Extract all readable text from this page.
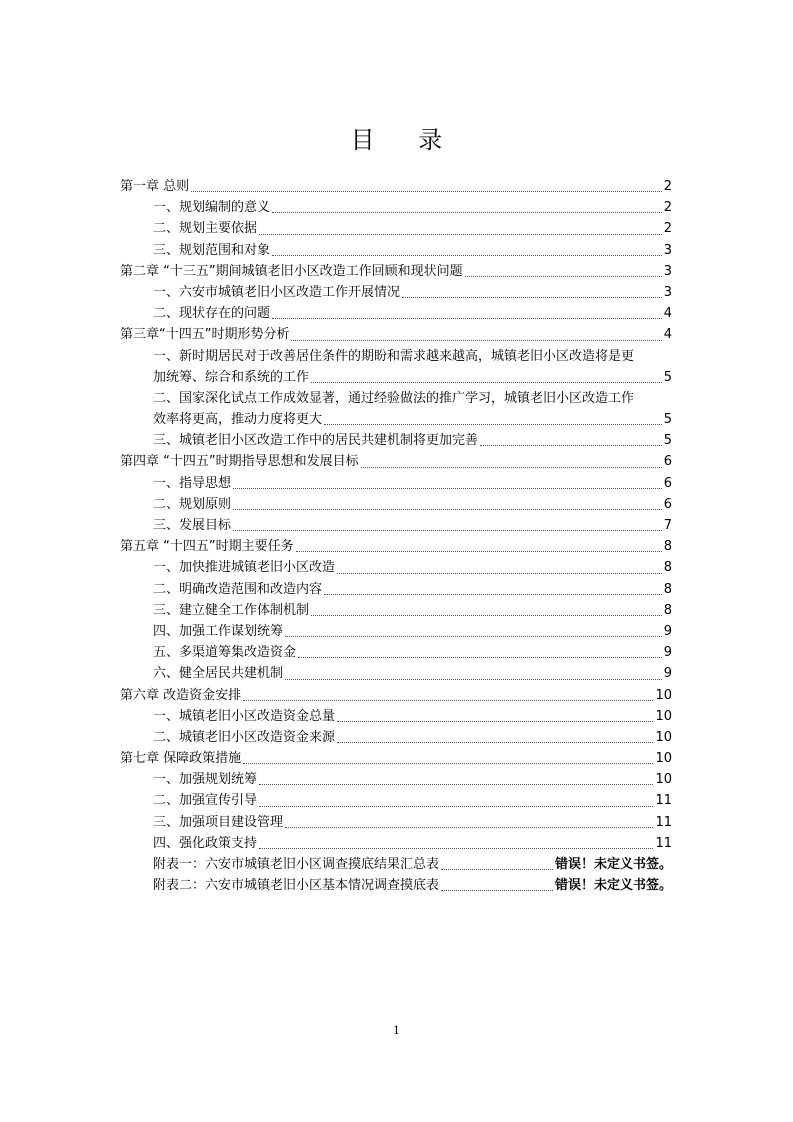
目 录
第一章 总则	2
一、规划编制的意义	2
二、规划主要依据	2
三、规划范围和对象	3
第二章 “十三五”期间城镇老旧小区改造工作回顾和现状问题	3
一、六安市城镇老旧小区改造工作开展情况	3
二、现状存在的问题	4
第三章“十四五”时期形势分析	4
一、新时期居民对于改善居住条件的期盼和需求越来越高，城镇老旧小区改造将是更
加统筹、综合和系统的工作	5
二、国家深化试点工作成效显著，通过经验做法的推广学习，城镇老旧小区改造工作
效率将更高，推动力度将更大	5
三、城镇老旧小区改造工作中的居民共建机制将更加完善	5
第四章 “十四五”时期指导思想和发展目标	6
一、指导思想	6
二、规划原则	6
三、发展目标	7
第五章 “十四五”时期主要任务	8
一、加快推进城镇老旧小区改造	8
二、明确改造范围和改造内容	8
三、建立健全工作体制机制	8
四、加强工作谋划统筹	9
五、多渠道筹集改造资金	9
六、健全居民共建机制	9
第六章 改造资金安排	10
一、城镇老旧小区改造资金总量	10
二、城镇老旧小区改造资金来源	10
第七章 保障政策措施	10
一、加强规划统筹	10
二、加强宣传引导	11
三、加强项目建设管理	11
四、强化政策支持	11
附表一：六安市城镇老旧小区调查摸底结果汇总表	错误！未定义书签。
附表二：六安市城镇老旧小区基本情况调查摸底表	错误！未定义书签。
1
